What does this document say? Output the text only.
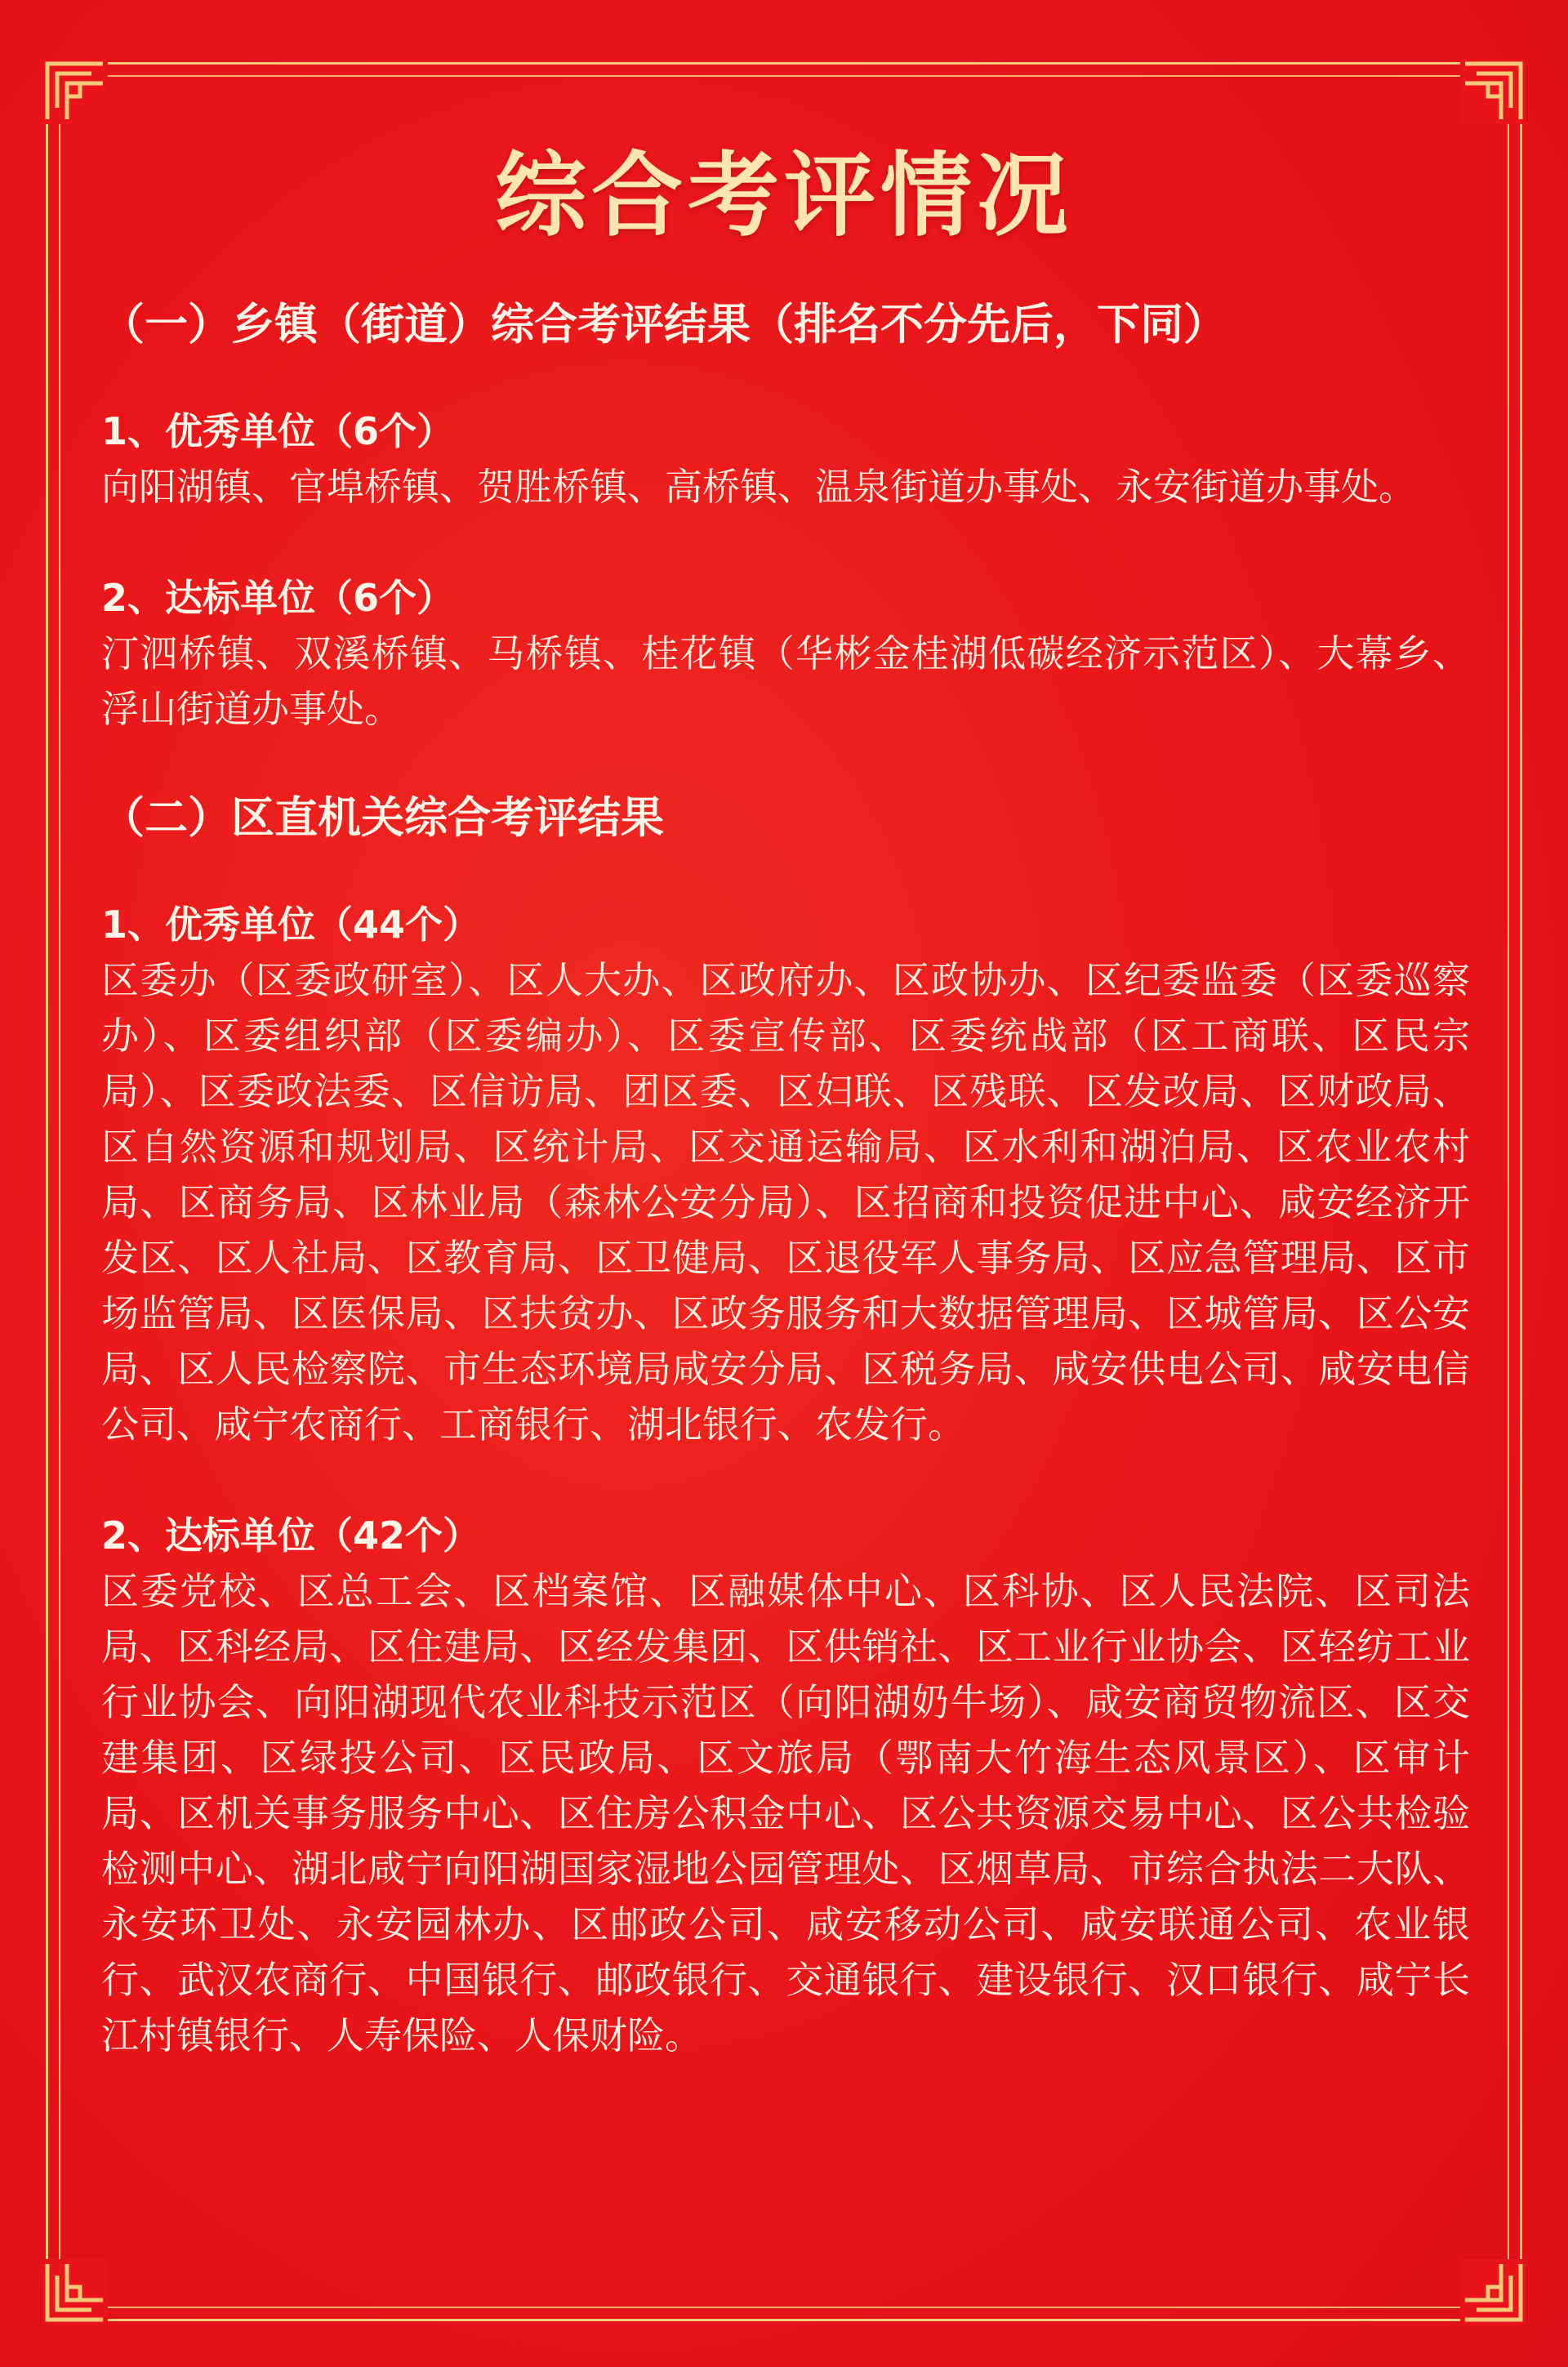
综合考评情况
（一）乡镇（街道）综合考评结果（排名不分先后，下同）
1、优秀单位（6个）
向阳湖镇、官埠桥镇、贺胜桥镇、高桥镇、温泉街道办事处、永安街道办事处。
2、达标单位（6个）
汀泗桥镇、双溪桥镇、马桥镇、桂花镇（华彬金桂湖低碳经济示范区）、大幕乡、浮山街道办事处。
（二）区直机关综合考评结果
1、优秀单位（44个）
区委办（区委政研室）、区人大办、区政府办、区政协办、区纪委监委（区委巡察办）、区委组织部（区委编办）、区委宣传部、区委统战部（区工商联、区民宗局）、区委政法委、区信访局、团区委、区妇联、区残联、区发改局、区财政局、区自然资源和规划局、区统计局、区交通运输局、区水利和湖泊局、区农业农村局、区商务局、区林业局（森林公安分局）、区招商和投资促进中心、咸安经济开发区、区人社局、区教育局、区卫健局、区退役军人事务局、区应急管理局、区市场监管局、区医保局、区扶贫办、区政务服务和大数据管理局、区城管局、区公安局、区人民检察院、市生态环境局咸安分局、区税务局、咸安供电公司、咸安电信公司、咸宁农商行、工商银行、湖北银行、农发行。
2、达标单位（42个）
区委党校、区总工会、区档案馆、区融媒体中心、区科协、区人民法院、区司法局、区科经局、区住建局、区经发集团、区供销社、区工业行业协会、区轻纺工业行业协会、向阳湖现代农业科技示范区（向阳湖奶牛场）、咸安商贸物流区、区交建集团、区绿投公司、区民政局、区文旅局（鄂南大竹海生态风景区）、区审计局、区机关事务服务中心、区住房公积金中心、区公共资源交易中心、区公共检验检测中心、湖北咸宁向阳湖国家湿地公园管理处、区烟草局、市综合执法二大队、永安环卫处、永安园林办、区邮政公司、咸安移动公司、咸安联通公司、农业银行、武汉农商行、中国银行、邮政银行、交通银行、建设银行、汉口银行、咸宁长江村镇银行、人寿保险、人保财险。
